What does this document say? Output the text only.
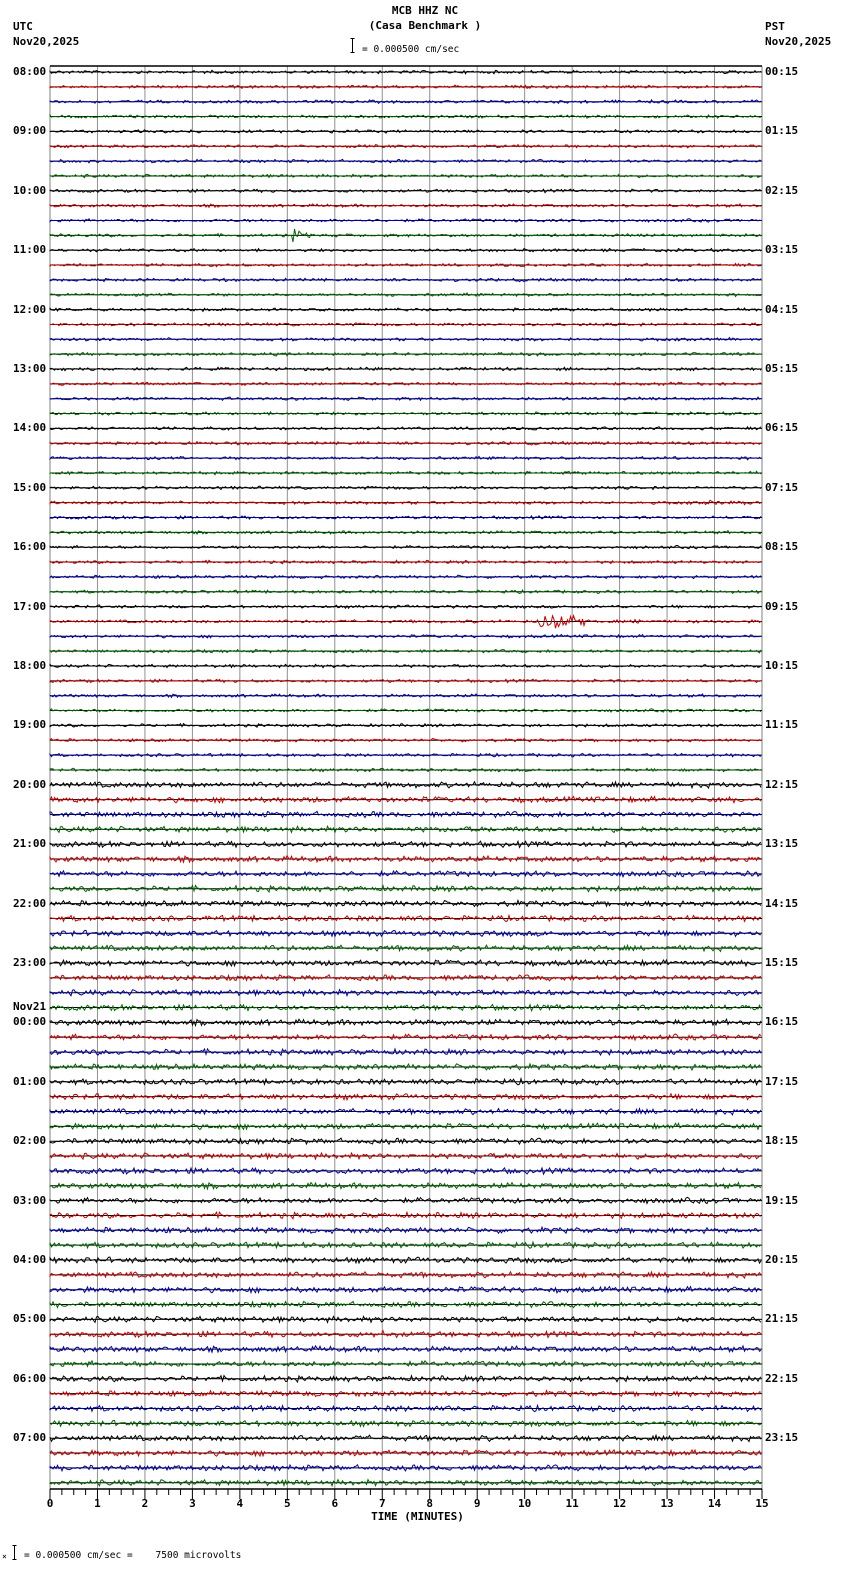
MCB HHZ NC
(Casa Benchmark )
UTC
Nov20,2025
PST
Nov20,2025
= 0.000500 cm/sec
08:00
09:00
10:00
11:00
12:00
13:00
14:00
15:00
16:00
17:00
18:00
19:00
20:00
21:00
22:00
23:00
00:00
Nov21
01:00
02:00
03:00
04:00
05:00
06:00
07:00
00:15
01:15
02:15
03:15
04:15
05:15
06:15
07:15
08:15
09:15
10:15
11:15
12:15
13:15
14:15
15:15
16:15
17:15
18:15
19:15
20:15
21:15
22:15
23:15
0	1	2	3	4	5	6	7	8	9	10	11	12	13	14	15
TIME (MINUTES)
× = 0.000500 cm/sec =    7500 microvolts
